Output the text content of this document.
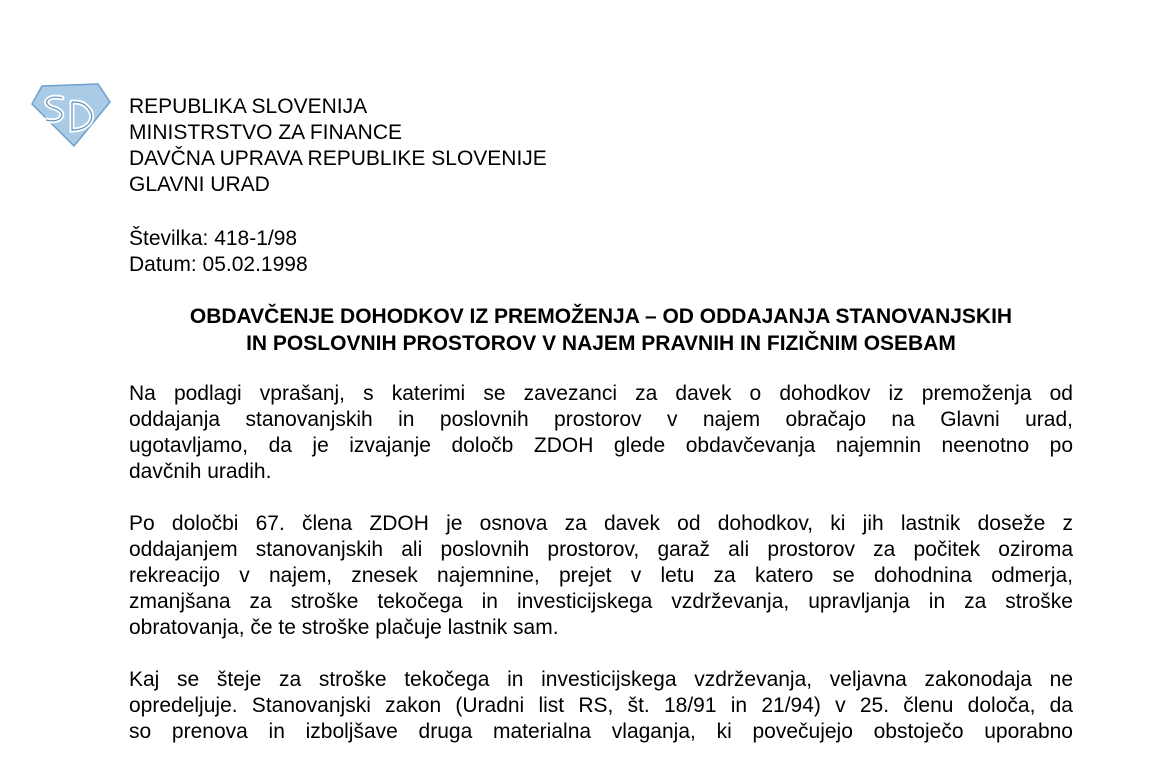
REPUBLIKA SLOVENIJA
MINISTRSTVO ZA FINANCE
DAVČNA UPRAVA REPUBLIKE SLOVENIJE
GLAVNI URAD
Številka: 418-1/98
Datum: 05.02.1998
OBDAVČENJE DOHODKOV IZ PREMOŽENJA – OD ODDAJANJA STANOVANJSKIH
IN POSLOVNIH PROSTOROV V NAJEM PRAVNIH IN FIZIČNIM OSEBAM
Na podlagi vprašanj, s katerimi se zavezanci za davek o dohodkov iz premoženja od
oddajanja stanovanjskih in poslovnih prostorov v najem obračajo na Glavni urad,
ugotavljamo, da je izvajanje določb ZDOH glede obdavčevanja najemnin neenotno po
davčnih uradih.
Po določbi 67. člena ZDOH je osnova za davek od dohodkov, ki jih lastnik doseže z
oddajanjem stanovanjskih ali poslovnih prostorov, garaž ali prostorov za počitek oziroma
rekreacijo v najem, znesek najemnine, prejet v letu za katero se dohodnina odmerja,
zmanjšana za stroške tekočega in investicijskega vzdrževanja, upravljanja in za stroške
obratovanja, če te stroške plačuje lastnik sam.
Kaj se šteje za stroške tekočega in investicijskega vzdrževanja, veljavna zakonodaja ne
opredeljuje. Stanovanjski zakon (Uradni list RS, št. 18/91 in 21/94) v 25. členu določa, da
so prenova in izboljšave druga materialna vlaganja, ki povečujejo obstoječo uporabno
